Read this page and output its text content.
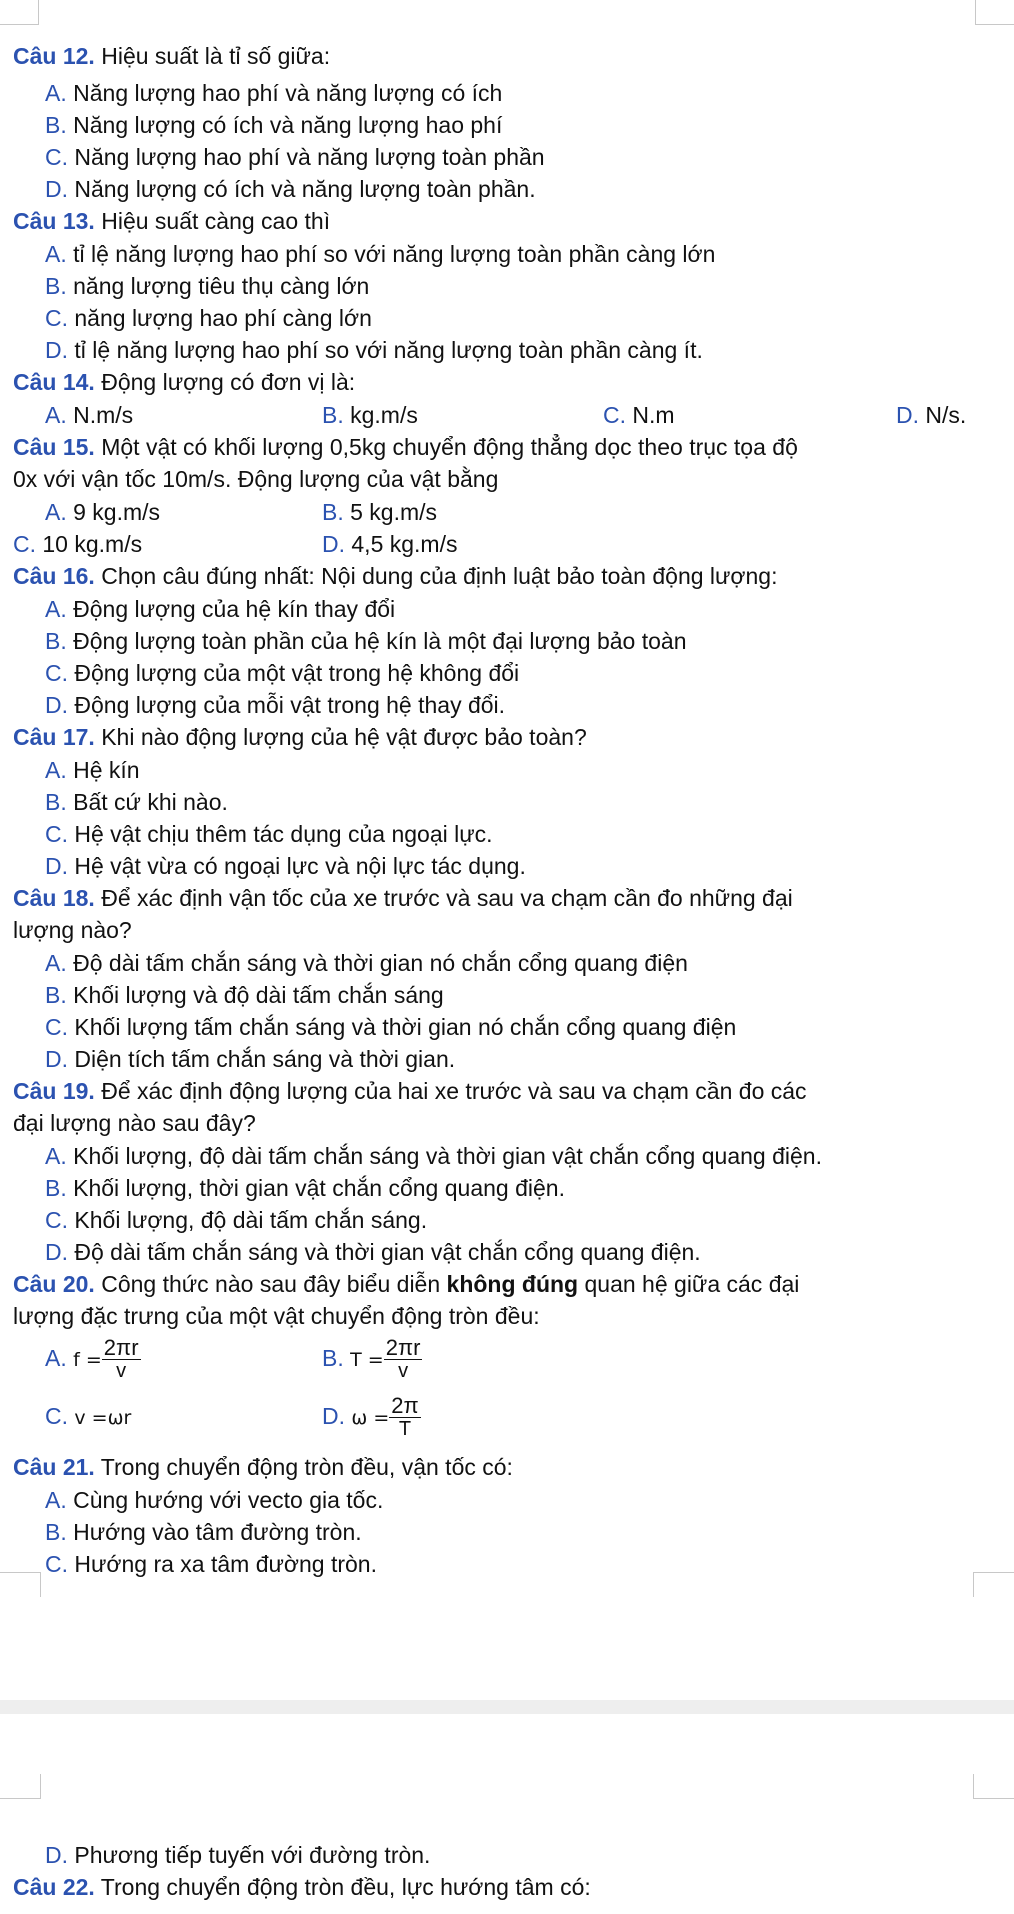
Câu 12. Hiệu suất là tỉ số giữa:
A. Năng lượng hao phí và năng lượng có ích
B. Năng lượng có ích và năng lượng hao phí
C. Năng lượng hao phí và năng lượng toàn phần
D. Năng lượng có ích và năng lượng toàn phần.
Câu 13. Hiệu suất càng cao thì
A. tỉ lệ năng lượng hao phí so với năng lượng toàn phần càng lớn
B. năng lượng tiêu thụ càng lớn
C. năng lượng hao phí càng lớn
D. tỉ lệ năng lượng hao phí so với năng lượng toàn phần càng ít.
Câu 14. Động lượng có đơn vị là:
A. N.m/s	B. kg.m/s	C. N.m	D. N/s.
Câu 15. Một vật có khối lượng 0,5kg chuyển động thẳng dọc theo trục tọa độ
0x với vận tốc 10m/s. Động lượng của vật bằng
A. 9 kg.m/s	B. 5 kg.m/s
C. 10 kg.m/s	D. 4,5 kg.m/s
Câu 16. Chọn câu đúng nhất: Nội dung của định luật bảo toàn động lượng:
A. Động lượng của hệ kín thay đổi
B. Động lượng toàn phần của hệ kín là một đại lượng bảo toàn
C. Động lượng của một vật trong hệ không đổi
D. Động lượng của mỗi vật trong hệ thay đổi.
Câu 17. Khi nào động lượng của hệ vật được bảo toàn?
A. Hệ kín
B. Bất cứ khi nào.
C. Hệ vật chịu thêm tác dụng của ngoại lực.
D. Hệ vật vừa có ngoại lực và nội lực tác dụng.
Câu 18. Để xác định vận tốc của xe trước và sau va chạm cần đo những đại
lượng nào?
A. Độ dài tấm chắn sáng và thời gian nó chắn cổng quang điện
B. Khối lượng và độ dài tấm chắn sáng
C. Khối lượng tấm chắn sáng và thời gian nó chắn cổng quang điện
D. Diện tích tấm chắn sáng và thời gian.
Câu 19. Để xác định động lượng của hai xe trước và sau va chạm cần đo các
đại lượng nào sau đây?
A. Khối lượng, độ dài tấm chắn sáng và thời gian vật chắn cổng quang điện.
B. Khối lượng, thời gian vật chắn cổng quang điện.
C. Khối lượng, độ dài tấm chắn sáng.
D. Độ dài tấm chắn sáng và thời gian vật chắn cổng quang điện.
Câu 20. Công thức nào sau đây biểu diễn không đúng quan hệ giữa các đại
lượng đặc trưng của một vật chuyển động tròn đều:
A. $f = \frac{2\pi r}{v}$	B. $T = \frac{2\pi r}{v}$
C. v =ωr	D. $\omega = \frac{2\pi}{T}$
Câu 21. Trong chuyển động tròn đều, vận tốc có:
A. Cùng hướng với vecto gia tốc.
B. Hướng vào tâm đường tròn.
C. Hướng ra xa tâm đường tròn.
D. Phương tiếp tuyến với đường tròn.
Câu 22. Trong chuyển động tròn đều, lực hướng tâm có:
